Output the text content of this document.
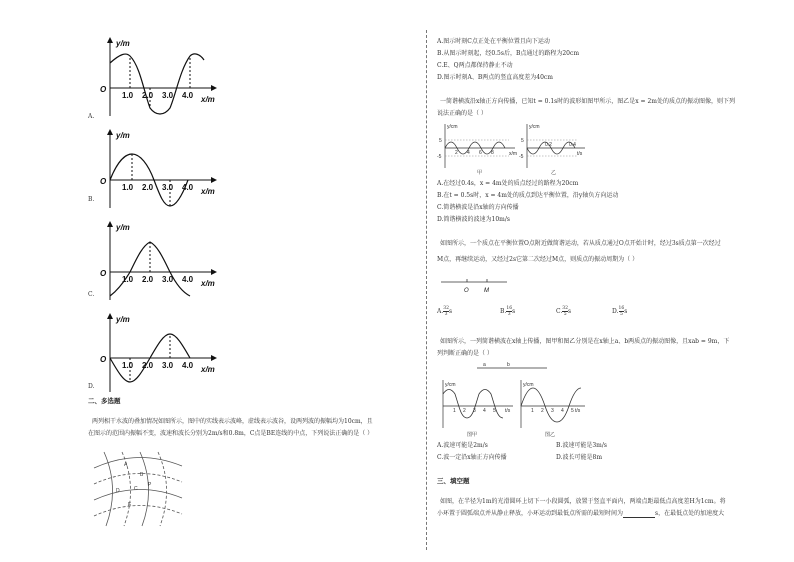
y/m
x/m
O
1.0 2.0 3.0 4.0
y/m
x/m
O
1.0 2.0 3.0 4.0
y/m
x/m
O
1.0 2.0 3.0 4.0
y/m
x/m
O
1.0 2.0 3.0 4.0
A.
B.
C.
D.
二、多选题
两列相干水波的叠加情况如图所示，图中的实线表示波峰，虚线表示波谷，设两列波的振幅均为10cm，且
在图示的范围内振幅不变，波速和波长分别为2m/s和0.8m，C点是BE连线的中点，下列说法正确的是（ ）
A
B
C
D
E
P
A.图示时刻C点正处在平衡位置且向下运动
B.从图示时刻起，经0.5s后，B点通过的路程为20cm
C.E、Q两点都保持静止不动
D.图示时刻A、B两点的竖直高度差为40cm
一简谐横波沿x轴正方向传播，已知t = 0.1s时的波形如图甲所示，图乙是x = 2m处的质点的振动图像，则下列
说法正确的是（ ）
y/cm
x/m
5
-5
2 4 6 8
甲
y/cm
t/s
5
-5
0.2	0.4
乙
A.在经过0.4s，x = 4m处的质点经过的路程为20cm
B.在t = 0.5s时，x = 4m处的质点到达平衡位置，沿y轴负方向运动
C.简谐横波是沿x轴的方向传播
D.简谐横波的波速为10m/s
如图所示，一个质点在平衡位置O点附近做简谐运动，若从质点通过O点开始计时，经过3s质点第一次经过
M点，再继续运动，又经过2s它第二次经过M点，则质点的振动周期为（ ）
O	M
A. $\frac{32}{3}$ s	B. $\frac{16}{3}$ s	C. $\frac{32}{5}$ s	D. $\frac{16}{5}$ s
如图所示，一列简谐横波在x轴上传播，图甲和图乙分别是在x轴上a、b两质点的振动图像，且xab = 9m，下
列判断正确的是（ ）
a	b
y/cm
t/s
1 2 3 4 5
图甲
y/cm
t/s
1 2 3 4 5
图乙
A.波速可能是2m/s	B.波速可能是3m/s
C.波一定沿x轴正方向传播	D.波长可能是8m
三、填空题
如图，在半径为1m的光滑圆环上切下一小段圆弧，放置于竖直平面内，两端点距最低点高度差H为1cm。将
小环置于圆弧端点并从静止释放，小环运动到最低点所需的最短时间为	s，在最低点处的加速度大
